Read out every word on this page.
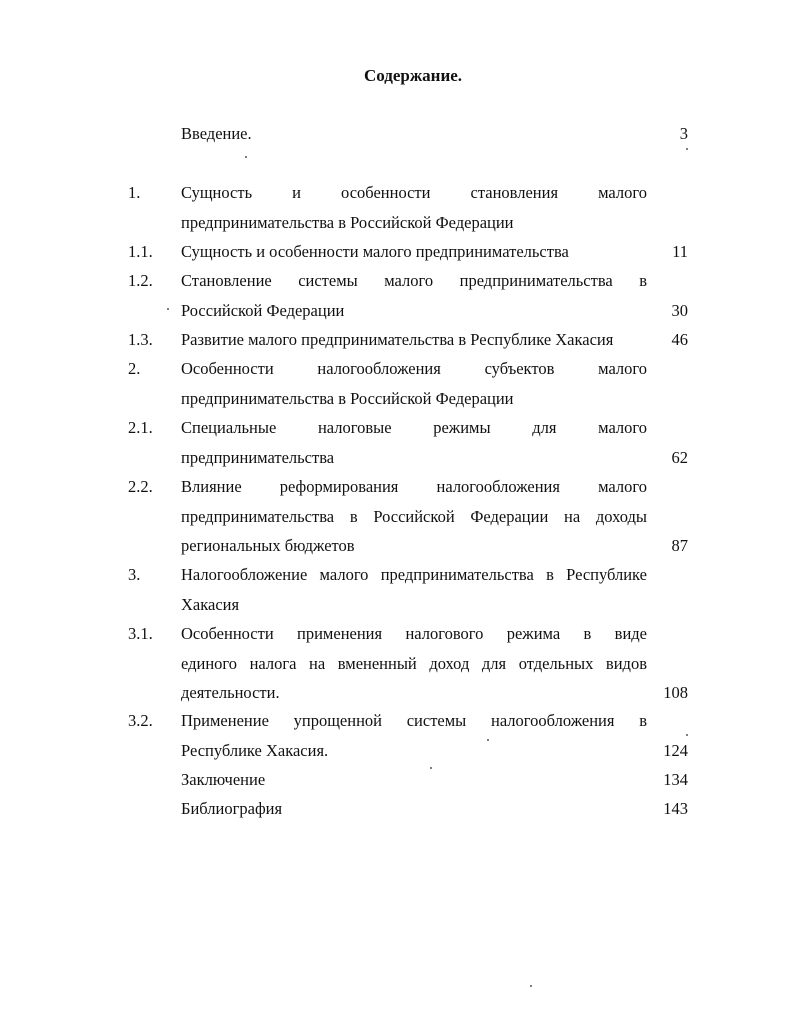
Содержание.
Введение.	3
1. Сущность и особенности становления малого
предпринимательства в Российской Федерации
1.1. Сущность и особенности малого предпринимательства	11
1.2. Становление системы малого предпринимательства в
Российской Федерации	30
1.3. Развитие малого предпринимательства в Республике Хакасия	46
2. Особенности налогообложения субъектов малого
предпринимательства в Российской Федерации
2.1. Специальные налоговые режимы для малого
предпринимательства	62
2.2. Влияние реформирования налогообложения малого
предпринимательства в Российской Федерации на доходы
региональных бюджетов	87
3. Налогообложение малого предпринимательства в Республике
Хакасия
3.1. Особенности применения налогового режима в виде
единого налога на вмененный доход для отдельных видов
деятельности.	108
3.2. Применение упрощенной системы налогообложения в
Республике Хакасия.	124
Заключение	134
Библиография	143
